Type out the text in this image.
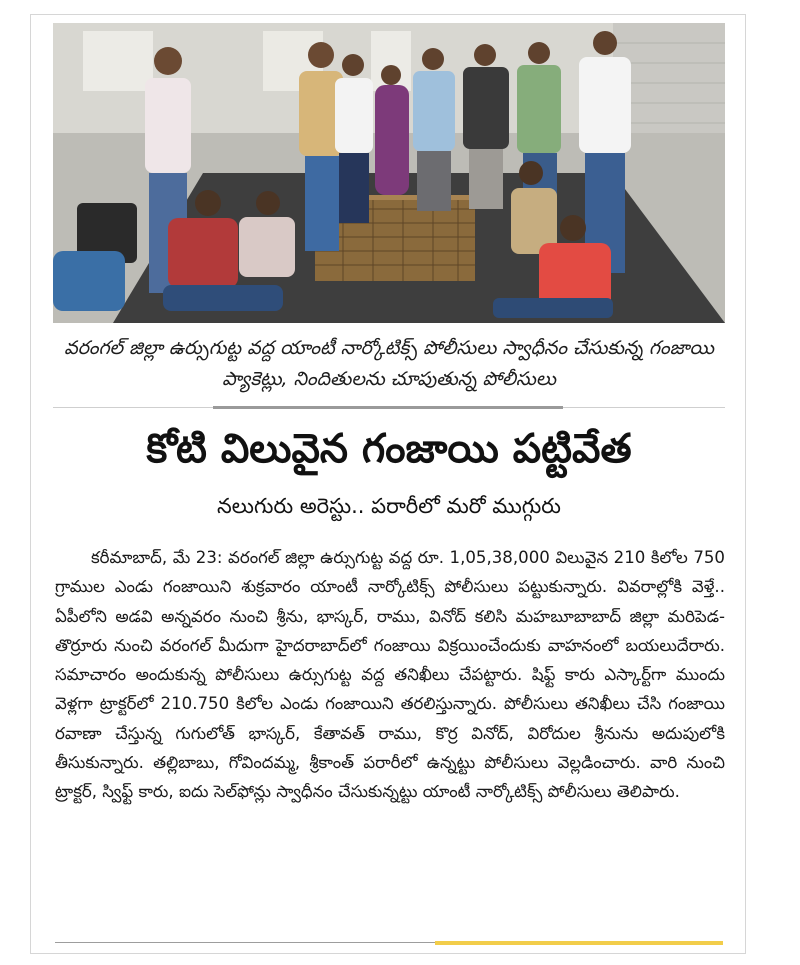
వరంగల్ జిల్లా ఉర్సుగుట్ట వద్ద యాంటీ నార్కోటిక్స్ పోలీసులు స్వాధీనం చేసుకున్న గంజాయి ప్యాకెట్లు, నిందితులను చూపుతున్న పోలీసులు
కోటి విలువైన గంజాయి పట్టివేత
నలుగురు అరెస్టు.. పరారీలో మరో ముగ్గురు
కరీమాబాద్, మే 23: వరంగల్ జిల్లా ఉర్సుగుట్ట వద్ద రూ. 1,05,38,000 విలువైన 210 కిలోల 750 గ్రాముల ఎండు గంజాయిని శుక్రవారం యాంటీ నార్కోటిక్స్ పోలీసులు పట్టుకున్నారు. వివరాల్లోకి వెళ్తే.. ఏపీలోని అడవి అన్నవరం నుంచి శ్రీను, భాస్కర్, రాము, వినోద్ కలిసి మహబూబాబాద్ జిల్లా మరిపెడ-తొర్రూరు నుంచి వరంగల్ మీదుగా హైదరాబాద్‌లో గంజాయి విక్రయించేందుకు వాహనంలో బయలుదేరారు. సమాచారం అందుకున్న పోలీసులు ఉర్సుగుట్ట వద్ద తనిఖీలు చేపట్టారు. షిఫ్ట్ కారు ఎస్కార్ట్‌గా ముందు వెళ్లగా ట్రాక్టర్‌లో 210.750 కిలోల ఎండు గంజాయిని తరలిస్తున్నారు. పోలీసులు తనిఖీలు చేసి గంజాయి రవాణా చేస్తున్న గుగులోత్ భాస్కర్, కేతావత్ రాము, కొర్ర వినోద్, విరోదుల శ్రీనును అదుపులోకి తీసుకున్నారు. తల్లిబాబు, గోవిందమ్మ, శ్రీకాంత్ పరారీలో ఉన్నట్టు పోలీసులు వెల్లడించారు. వారి నుంచి ట్రాక్టర్, స్విఫ్ట్ కారు, ఐదు సెల్‌ఫోన్లు స్వాధీనం చేసుకున్నట్టు యాంటీ నార్కోటిక్స్ పోలీసులు తెలిపారు.
